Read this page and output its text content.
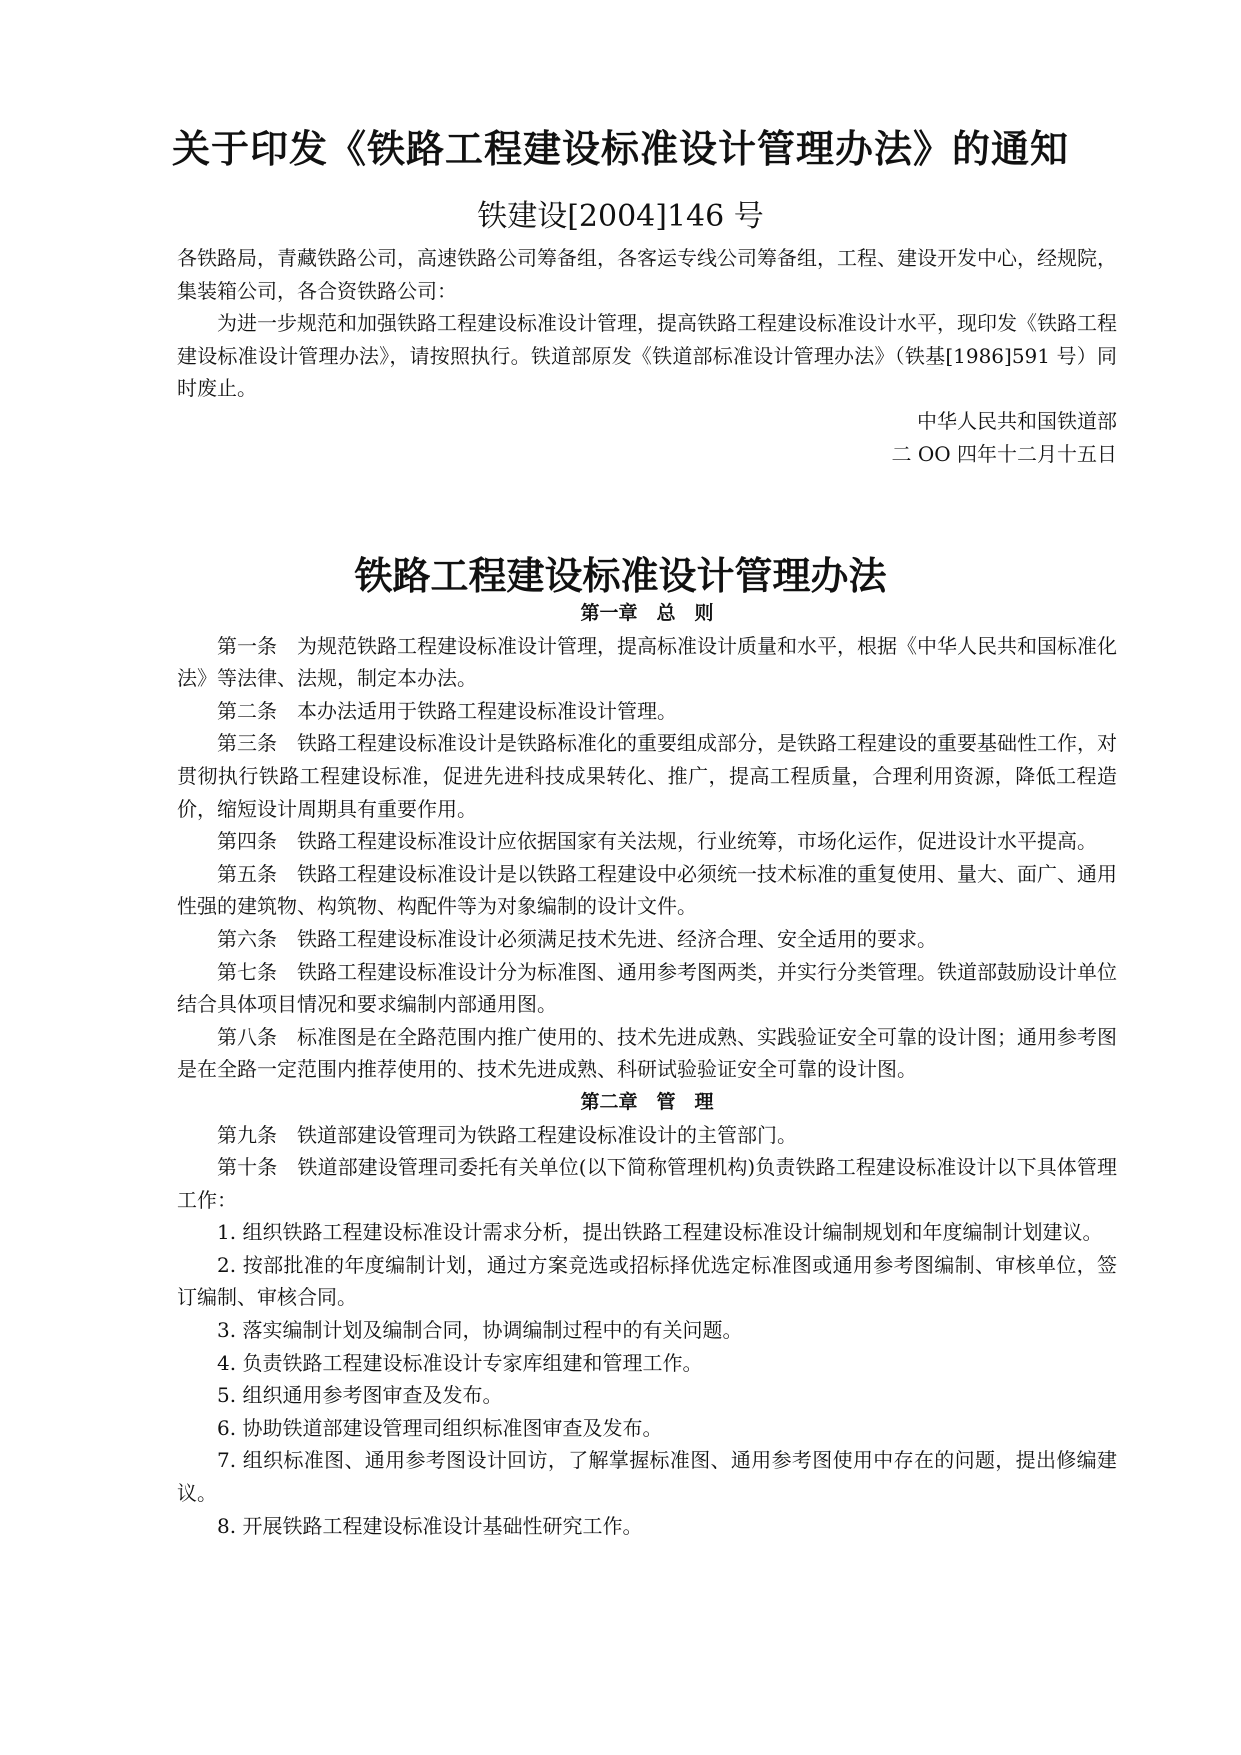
关于印发《铁路工程建设标准设计管理办法》的通知
铁建设[2004]146 号

各铁路局，青藏铁路公司，高速铁路公司筹备组，各客运专线公司筹备组，工程、建设开发中心，经规院，集装箱公司，各合资铁路公司：

为进一步规范和加强铁路工程建设标准设计管理，提高铁路工程建设标准设计水平，现印发《铁路工程建设标准设计管理办法》，请按照执行。铁道部原发《铁道部标准设计管理办法》（铁基[1986]591 号）同时废止。

中华人民共和国铁道部

二 OO 四年十二月十五日

铁路工程建设标准设计管理办法

第一章　总　则

第一条　为规范铁路工程建设标准设计管理，提高标准设计质量和水平，根据《中华人民共和国标准化法》等法律、法规，制定本办法。

第二条　本办法适用于铁路工程建设标准设计管理。

第三条　铁路工程建设标准设计是铁路标准化的重要组成部分，是铁路工程建设的重要基础性工作，对贯彻执行铁路工程建设标准，促进先进科技成果转化、推广，提高工程质量，合理利用资源，降低工程造价，缩短设计周期具有重要作用。

第四条　铁路工程建设标准设计应依据国家有关法规，行业统筹，市场化运作，促进设计水平提高。

第五条　铁路工程建设标准设计是以铁路工程建设中必须统一技术标准的重复使用、量大、面广、通用性强的建筑物、构筑物、构配件等为对象编制的设计文件。

第六条　铁路工程建设标准设计必须满足技术先进、经济合理、安全适用的要求。

第七条　铁路工程建设标准设计分为标准图、通用参考图两类，并实行分类管理。铁道部鼓励设计单位结合具体项目情况和要求编制内部通用图。

第八条　标准图是在全路范围内推广使用的、技术先进成熟、实践验证安全可靠的设计图；通用参考图是在全路一定范围内推荐使用的、技术先进成熟、科研试验验证安全可靠的设计图。

第二章　管　理

第九条　铁道部建设管理司为铁路工程建设标准设计的主管部门。

第十条　铁道部建设管理司委托有关单位(以下简称管理机构)负责铁路工程建设标准设计以下具体管理工作：

1. 组织铁路工程建设标准设计需求分析，提出铁路工程建设标准设计编制规划和年度编制计划建议。

2. 按部批准的年度编制计划，通过方案竞选或招标择优选定标准图或通用参考图编制、审核单位，签订编制、审核合同。

3. 落实编制计划及编制合同，协调编制过程中的有关问题。

4. 负责铁路工程建设标准设计专家库组建和管理工作。

5. 组织通用参考图审查及发布。

6. 协助铁道部建设管理司组织标准图审查及发布。

7. 组织标准图、通用参考图设计回访，了解掌握标准图、通用参考图使用中存在的问题，提出修编建议。

8. 开展铁路工程建设标准设计基础性研究工作。
